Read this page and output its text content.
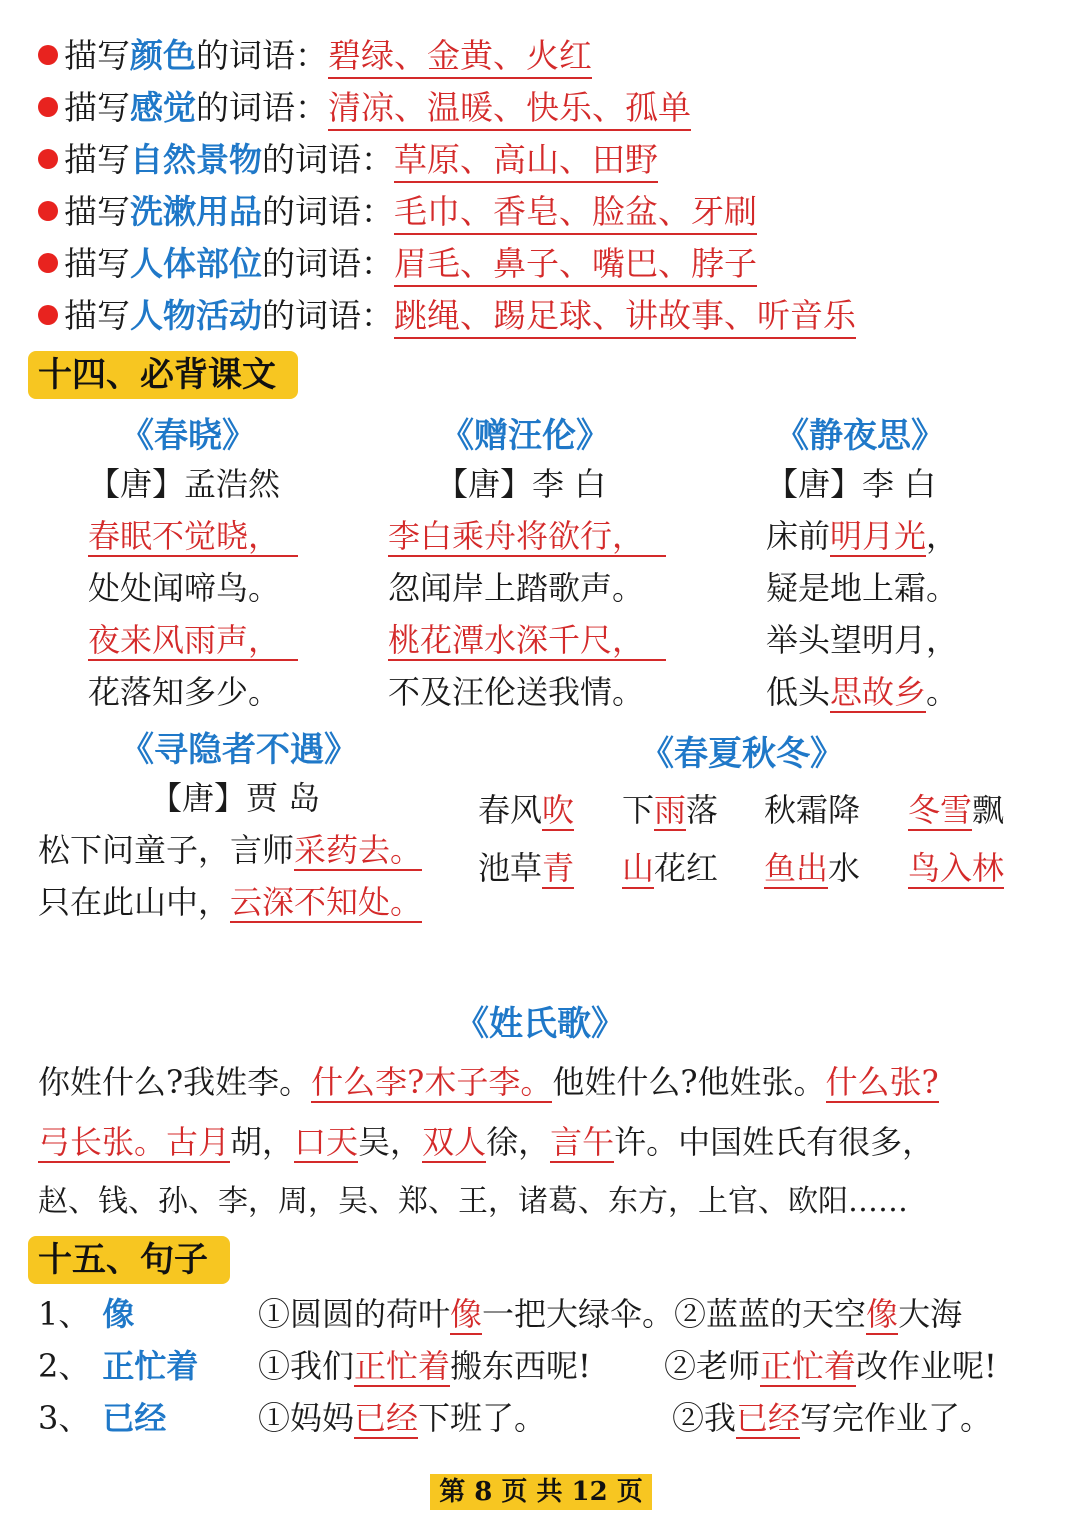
描写颜色的词语：碧绿、金黄、火红
描写感觉的词语：清凉、温暖、快乐、孤单
描写自然景物的词语：草原、高山、田野
描写洗漱用品的词语：毛巾、香皂、脸盆、牙刷
描写人体部位的词语：眉毛、鼻子、嘴巴、脖子
描写人物活动的词语：跳绳、踢足球、讲故事、听音乐
十四、必背课文
《春晓》
【唐】孟浩然
春眠不觉晓，
处处闻啼鸟。
夜来风雨声，
花落知多少。
《赠汪伦》
【唐】李 白
李白乘舟将欲行，
忽闻岸上踏歌声。
桃花潭水深千尺，
不及汪伦送我情。
《静夜思》
【唐】李 白
床前明月光，
疑是地上霜。
举头望明月，
低头思故乡。
《寻隐者不遇》
【唐】贾 岛
松下问童子，言师采药去。
只在此山中，云深不知处。
《春夏秋冬》
春风吹 下雨落 秋霜降 冬雪飘
池草青 山花红 鱼出水 鸟入林
《姓氏歌》
你姓什么?我姓李。什么李?木子李。他姓什么?他姓张。什么张?
弓长张。古月胡，口天吴，双人徐，言午许。中国姓氏有很多，
赵、钱、孙、李，周，吴、郑、王，诸葛、东方，上官、欧阳……
十五、句子
1、 像	①圆圆的荷叶像一把大绿伞。②蓝蓝的天空像大海
2、 正忙着 ①我们正忙着搬东西呢! ②老师正忙着改作业呢!
3、 已经	①妈妈已经下班了。	②我已经写完作业了。
第 8 页 共 12 页
